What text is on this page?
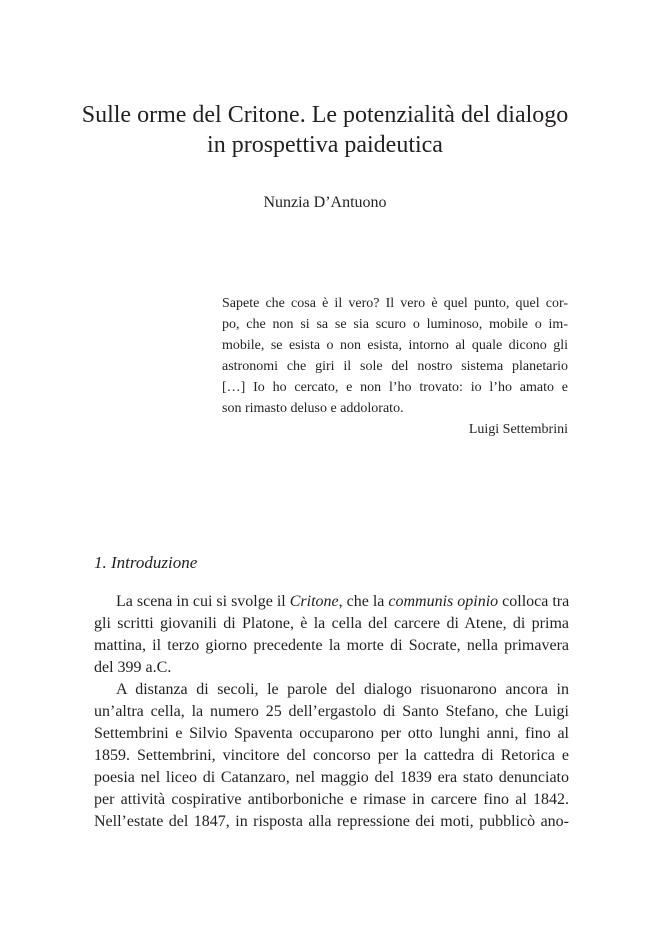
Sulle orme del Critone. Le potenzialità del dialogo
in prospettiva paideutica
Nunzia D’Antuono
Sapete che cosa è il vero? Il vero è quel punto, quel cor-
po, che non si sa se sia scuro o luminoso, mobile o im-
mobile, se esista o non esista, intorno al quale dicono gli
astronomi che giri il sole del nostro sistema planetario
[…] Io ho cercato, e non l’ho trovato: io l’ho amato e
son rimasto deluso e addolorato.
Luigi Settembrini
1. Introduzione
La scena in cui si svolge il Critone, che la communis opinio colloca tra
gli scritti giovanili di Platone, è la cella del carcere di Atene, di prima
mattina, il terzo giorno precedente la morte di Socrate, nella primavera
del 399 a.C.
A distanza di secoli, le parole del dialogo risuonarono ancora in
un’altra cella, la numero 25 dell’ergastolo di Santo Stefano, che Luigi
Settembrini e Silvio Spaventa occuparono per otto lunghi anni, fino al
1859. Settembrini, vincitore del concorso per la cattedra di Retorica e
poesia nel liceo di Catanzaro, nel maggio del 1839 era stato denunciato
per attività cospirative antiborboniche e rimase in carcere fino al 1842.
Nell’estate del 1847, in risposta alla repressione dei moti, pubblicò ano-
